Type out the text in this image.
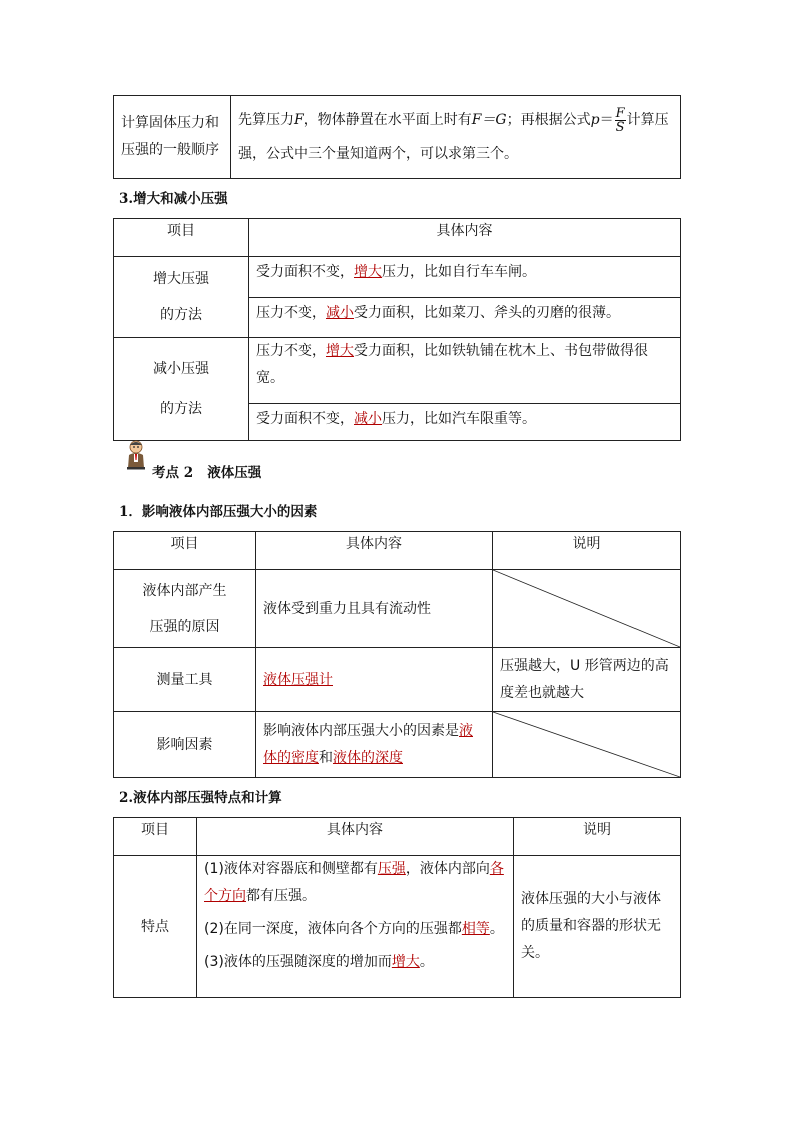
计算固体压力和压强的一般顺序	先算压力F，物体静置在水平面上时有F＝G；再根据公式$p= \frac{F}{S}$ 计算压强，公式中三个量知道两个，可以求第三个。
3.增大和减小压强
项目	具体内容

增大压强
的方法	受力面积不变，增大压力，比如自行车车闸。
	压力不变，减小受力面积，比如菜刀、斧头的刃磨的很薄。

减小压强
的方法	压力不变，增大受力面积，比如铁轨铺在枕木上、书包带做得很宽。
	受力面积不变，减小压力，比如汽车限重等。
考点 2 液体压强
1．影响液体内部压强大小的因素
项目	具体内容	说明

液体内部产生
压强的原因	液体受到重力且具有流动性	

测量工具	液体压强计	压强越大，U 形管两边的高度差也就越大
影响因素	影响液体内部压强大小的因素是液体的密度和液体的深度	
2.液体内部压强特点和计算
项目	具体内容	说明
特点	(1)液体对容器底和侧壁都有压强，液体内部向各个方向都有压强。
(2)在同一深度，液体向各个方向的压强都相等。
(3)液体的压强随深度的增加而增大。	液体压强的大小与液体的质量和容器的形状无关。
